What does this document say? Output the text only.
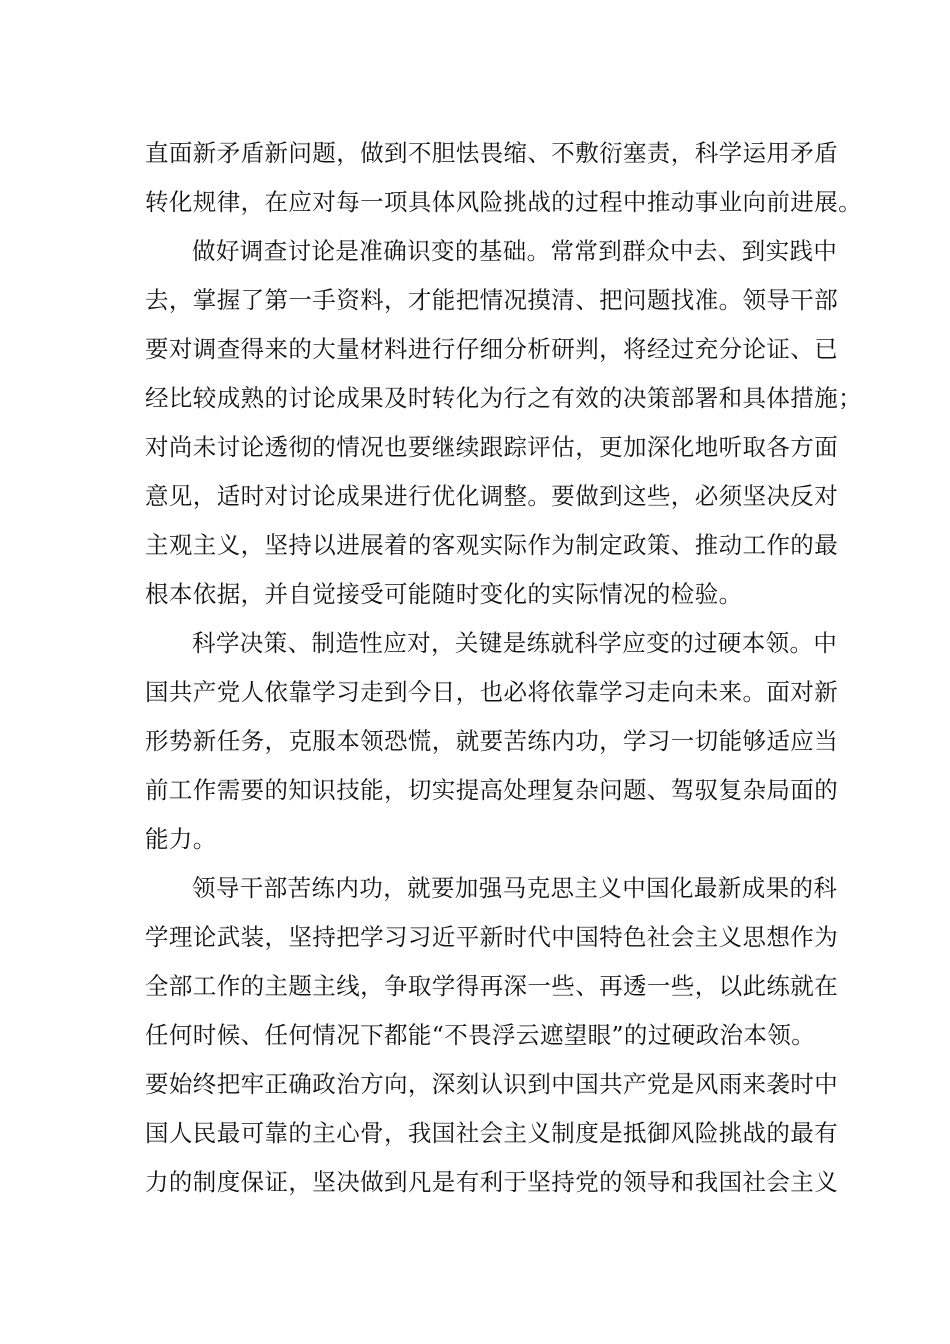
直面新矛盾新问题，做到不胆怯畏缩、不敷衍塞责，科学运用矛盾
转化规律，在应对每一项具体风险挑战的过程中推动事业向前进展。
做好调查讨论是准确识变的基础。常常到群众中去、到实践中
去，掌握了第一手资料，才能把情况摸清、把问题找准。领导干部
要对调查得来的大量材料进行仔细分析研判，将经过充分论证、已
经比较成熟的讨论成果及时转化为行之有效的决策部署和具体措施；
对尚未讨论透彻的情况也要继续跟踪评估，更加深化地听取各方面
意见，适时对讨论成果进行优化调整。要做到这些，必须坚决反对
主观主义，坚持以进展着的客观实际作为制定政策、推动工作的最
根本依据，并自觉接受可能随时变化的实际情况的检验。
科学决策、制造性应对，关键是练就科学应变的过硬本领。中
国共产党人依靠学习走到今日，也必将依靠学习走向未来。面对新
形势新任务，克服本领恐慌，就要苦练内功，学习一切能够适应当
前工作需要的知识技能，切实提高处理复杂问题、驾驭复杂局面的
能力。
领导干部苦练内功，就要加强马克思主义中国化最新成果的科
学理论武装，坚持把学习习近平新时代中国特色社会主义思想作为
全部工作的主题主线，争取学得再深一些、再透一些，以此练就在
任何时候、任何情况下都能“不畏浮云遮望眼”的过硬政治本领。
要始终把牢正确政治方向，深刻认识到中国共产党是风雨来袭时中
国人民最可靠的主心骨，我国社会主义制度是抵御风险挑战的最有
力的制度保证，坚决做到凡是有利于坚持党的领导和我国社会主义
